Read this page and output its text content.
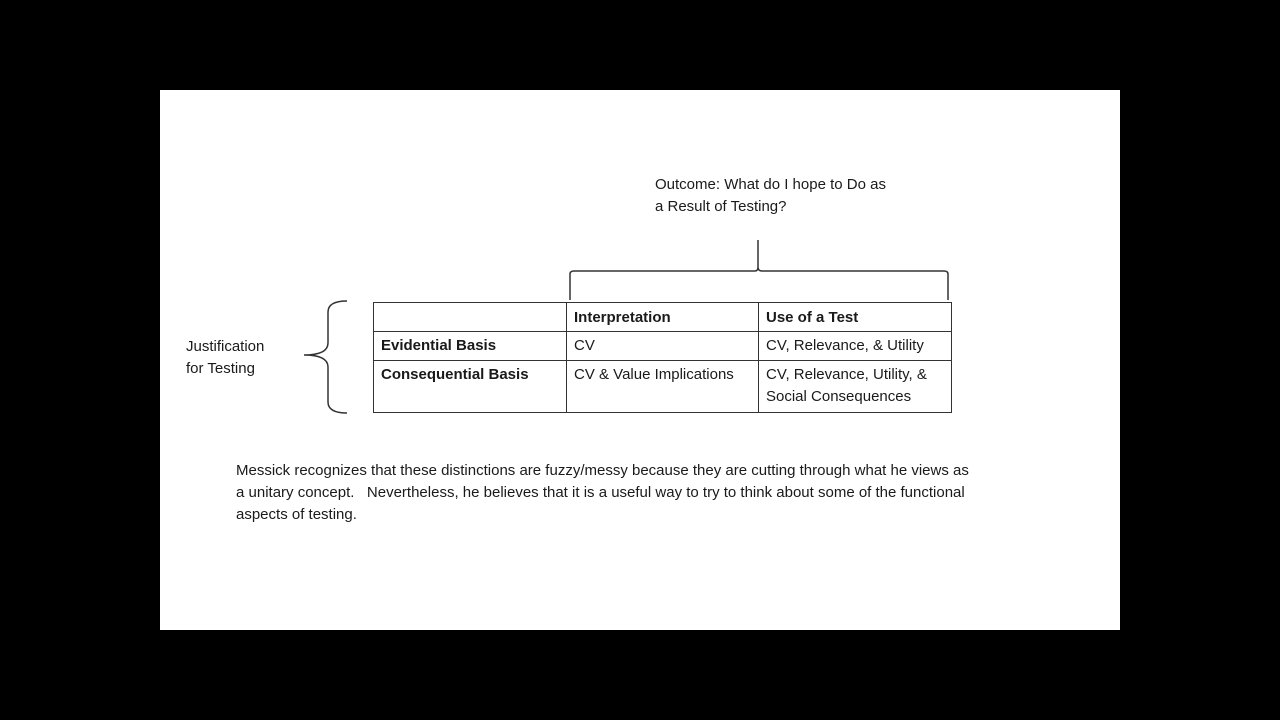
Outcome: What do I hope to Do as
a Result of Testing?
Justification
for Testing
	Interpretation	Use of a Test
Evidential Basis	CV	CV, Relevance, & Utility

Consequential Basis	CV & Value Implications	CV, Relevance, Utility, &
Social Consequences
Messick recognizes that these distinctions are fuzzy/messy because they are cutting through what he views as
a unitary concept.   Nevertheless, he believes that it is a useful way to try to think about some of the functional
aspects of testing.
